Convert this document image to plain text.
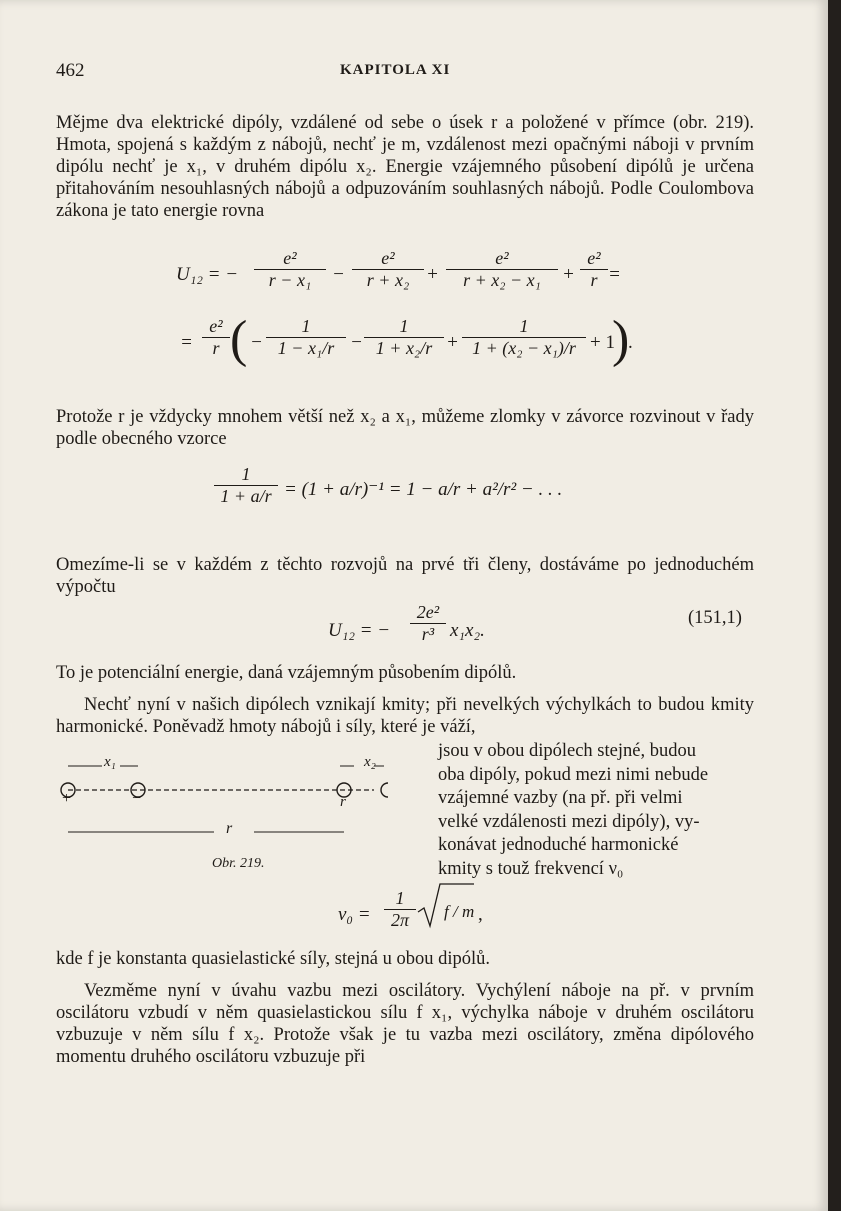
462	KAPITOLA XI

Mějme dva elektrické dipóly, vzdálené od sebe o úsek r a položené v přímce (obr. 219). Hmota, spojená s každým z nábojů, nechť je m, vzdálenost mezi opačnými náboji v prvním dipólu nechť je x₁, v druhém dipólu x₂. Energie vzájemného působení dipólů je určena přitahováním nesouhlasných nábojů a odpuzováním souhlasných nábojů. Podle Coulombova zákona je tato energie rovna

U₁₂ = − $\frac{\text{e²}}{\text{r − x₁}} - \frac{\text{e²}}{\text{r + x₂}} + \frac{\text{e²}}{\text{r + x₂ − x₁}} + \frac{\text{e²}}{r}$ =
= $\frac{\text{e²}}{r}$ ( − $\frac{1}{\text{1 − x₁/r}} - \frac{1}{\text{1 + x₂/r}} + \frac{1}{\text{1 + (x₂ − x₁)/r}} + 1$
)
.

Protože r je vždycky mnohem větší než x₂ a x₁, můžeme zlomky v závorce rozvinout v řady podle obecného vzorce

$\frac{1}{1 + a/r} = (1 + a/r)^{-1} = 1 - a/r + a^2/r^2$ − . . .

Omezíme-li se v každém z těchto rozvojů na prvé tři členy, dostáváme po jednoduchém výpočtu

U₁₂ = − $\frac{\text{2e²}}{\text{r³}} x_1x_2$.
(151,1)

To je potenciální energie, daná vzájemným působením dipólů.

Nechť nyní v našich dipólech vznikají kmity; při nevelkých výchylkách to budou kmity harmonické. Poněvadž hmoty nábojů i síly, které je váží,

jsou v obou dipólech stejné, budou
oba dipóly, pokud mezi nimi nebude
vzájemné vazby (na př. při velmi
velké vzdálenosti mezi dipóly), vy-
konávat jednoduché harmonické
kmity s touž frekvencí ν₀
x₁	x₂
+	−	r
r
Obr. 219.
$\nu_0 = \frac{1}{2\pi}$ f / m ,

kde f je konstanta quasielastické síly, stejná u obou dipólů.

Vezměme nyní v úvahu vazbu mezi oscilátory. Vychýlení náboje na př. v prvním oscilátoru vzbudí v něm quasielastickou sílu f x₁, výchylka náboje v druhém oscilátoru vzbuzuje v něm sílu f x₂. Protože však je tu vazba mezi oscilátory, změna dipólového momentu druhého oscilátoru vzbuzuje při
